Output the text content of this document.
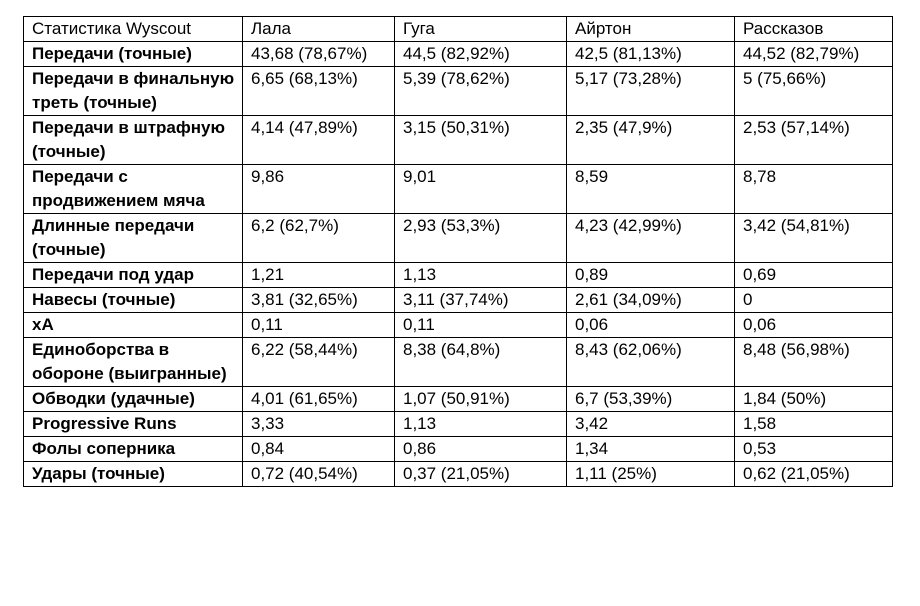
Статистика Wyscout	Лала	Гуга	Айртон	Рассказов
Передачи (точные)	43,68 (78,67%)	44,5 (82,92%)	42,5 (81,13%)	44,52 (82,79%)
Передачи в финальную треть (точные)	6,65 (68,13%)	5,39 (78,62%)	5,17 (73,28%)	5 (75,66%)
Передачи в штрафную (точные)	4,14 (47,89%)	3,15 (50,31%)	2,35 (47,9%)	2,53 (57,14%)
Передачи с продвижением мяча	9,86	9,01	8,59	8,78
Длинные передачи (точные)	6,2 (62,7%)	2,93 (53,3%)	4,23 (42,99%)	3,42 (54,81%)
Передачи под удар	1,21	1,13	0,89	0,69
Навесы (точные)	3,81 (32,65%)	3,11 (37,74%)	2,61 (34,09%)	0
xA	0,11	0,11	0,06	0,06
Единоборства в обороне (выигранные)	6,22 (58,44%)	8,38 (64,8%)	8,43 (62,06%)	8,48 (56,98%)
Обводки (удачные)	4,01 (61,65%)	1,07 (50,91%)	6,7 (53,39%)	1,84 (50%)
Progressive Runs	3,33	1,13	3,42	1,58
Фолы соперника	0,84	0,86	1,34	0,53
Удары (точные)	0,72 (40,54%)	0,37 (21,05%)	1,11 (25%)	0,62 (21,05%)
